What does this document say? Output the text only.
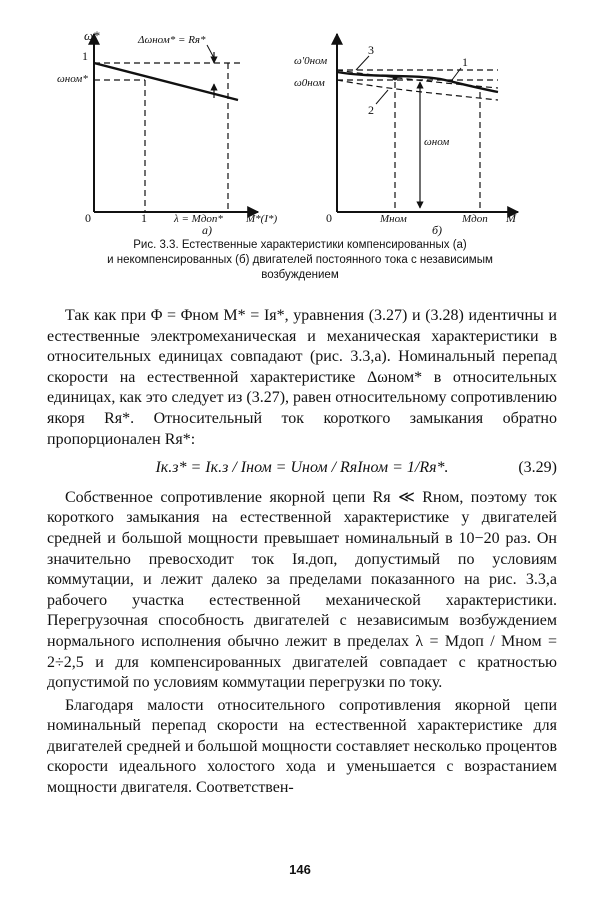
ω*
1
ωном*
Δωном* = Rя*
0	1 λ = Mдоп* M*(I*)
а)
ω'0ном
ω0ном
1
2
3
ωном
0	Mном	Mдоп M
б)
Рис. 3.3. Естественные характеристики компенсированных (а)
и некомпенсированных (б) двигателей постоянного тока с независимым
возбуждением

Так как при Φ = Φном M* = Iя*, уравнения (3.27) и (3.28) идентичны и естественные электромеханическая и механическая характеристики в относительных единицах совпадают (рис. 3.3,а). Номинальный перепад скорости на естественной характеристике Δωном* в относительных единицах, как это следует из (3.27), равен относительному сопротивлению якоря Rя*. Относительный ток короткого замыкания обратно пропорционален Rя*:

Iк.з* = Iк.з / Iном = Uном / RяIном = 1/Rя*.	(3.29)

Собственное сопротивление якорной цепи Rя ≪ Rном, поэтому ток короткого замыкания на естественной характеристике у двигателей средней и большой мощности превышает номинальный в 10−20 раз. Он значительно превосходит ток Iя.доп, допустимый по условиям коммутации, и лежит далеко за пределами показанного на рис. 3.3,а рабочего участка естественной механической характеристики. Перегрузочная способность двигателей с независимым возбуждением нормального исполнения обычно лежит в пределах λ = Mдоп / Mном = 2÷2,5 и для компенсированных двигателей совпадает с кратностью допустимой по условиям коммутации перегрузки по току.

Благодаря малости относительного сопротивления якорной цепи номинальный перепад скорости на естественной характеристике для двигателей средней и большой мощности составляет несколько процентов скорости идеального холостого хода и уменьшается с возрастанием мощности двигателя. Соответствен-

146
